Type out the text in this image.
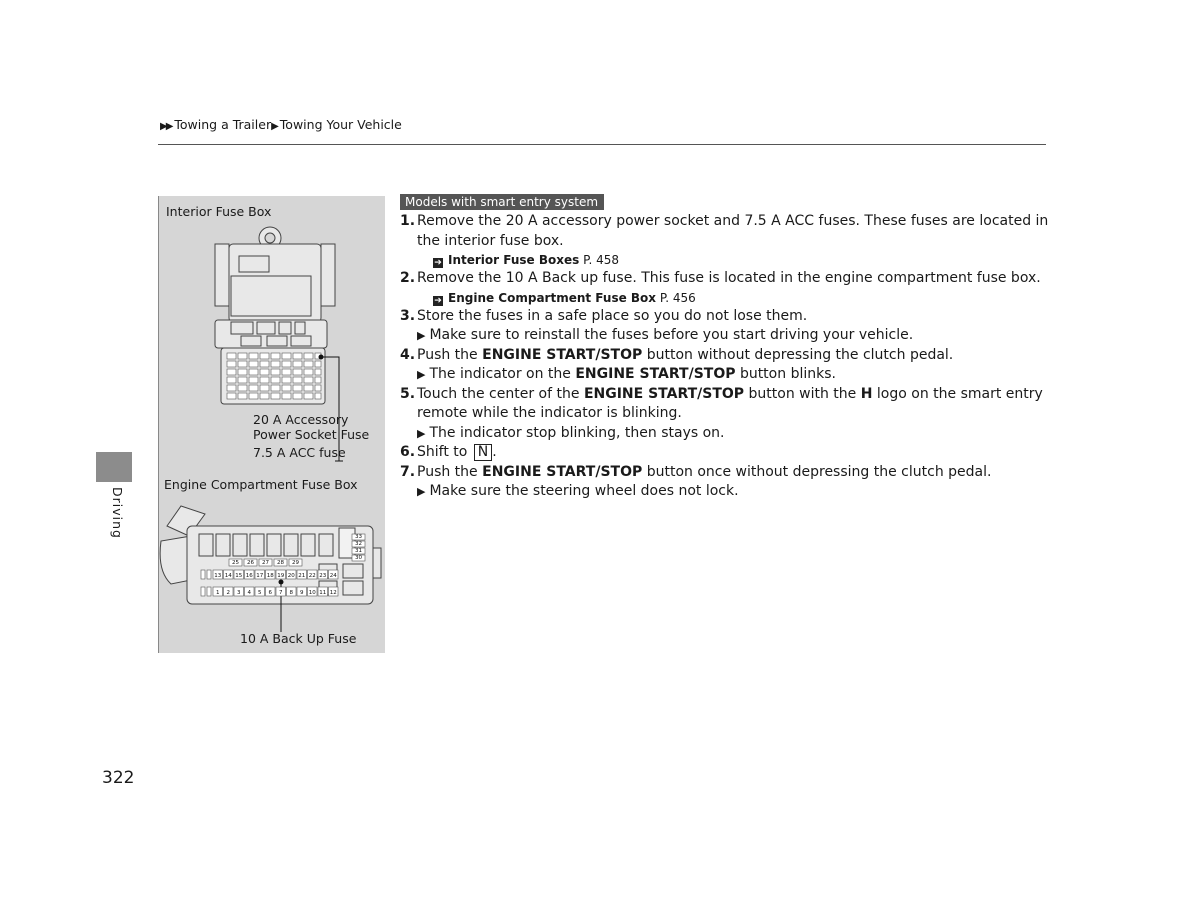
▶▶ Towing a Trailer▶ Towing Your Vehicle
Driving
322
25 26 27 28 29
13 14 15 16 17 18 19 20 21 22 23 24
1 2 3 4 5 6 7 8 9 10 11 12
33
32
31
30
Interior Fuse Box
20 A Accessory
Power Socket Fuse
7.5 A ACC fuse
Engine Compartment Fuse Box
10 A Back Up Fuse
Models with smart entry system
1. Remove the 20 A accessory power socket and 7.5 A ACC fuses. These fuses are located in the interior fuse box.
➔ Interior Fuse Boxes P. 458
2. Remove the 10 A Back up fuse. This fuse is located in the engine compartment fuse box.
➔ Engine Compartment Fuse Box P. 456
3. Store the fuses in a safe place so you do not lose them.
▶ Make sure to reinstall the fuses before you start driving your vehicle.
4. Push the ENGINE START/STOP button without depressing the clutch pedal.
▶ The indicator on the ENGINE START/STOP button blinks.
5. Touch the center of the ENGINE START/STOP button with the H logo on the smart entry remote while the indicator is blinking.
▶ The indicator stop blinking, then stays on.
6. Shift to N .
7. Push the ENGINE START/STOP button once without depressing the clutch pedal.
▶ Make sure the steering wheel does not lock.
